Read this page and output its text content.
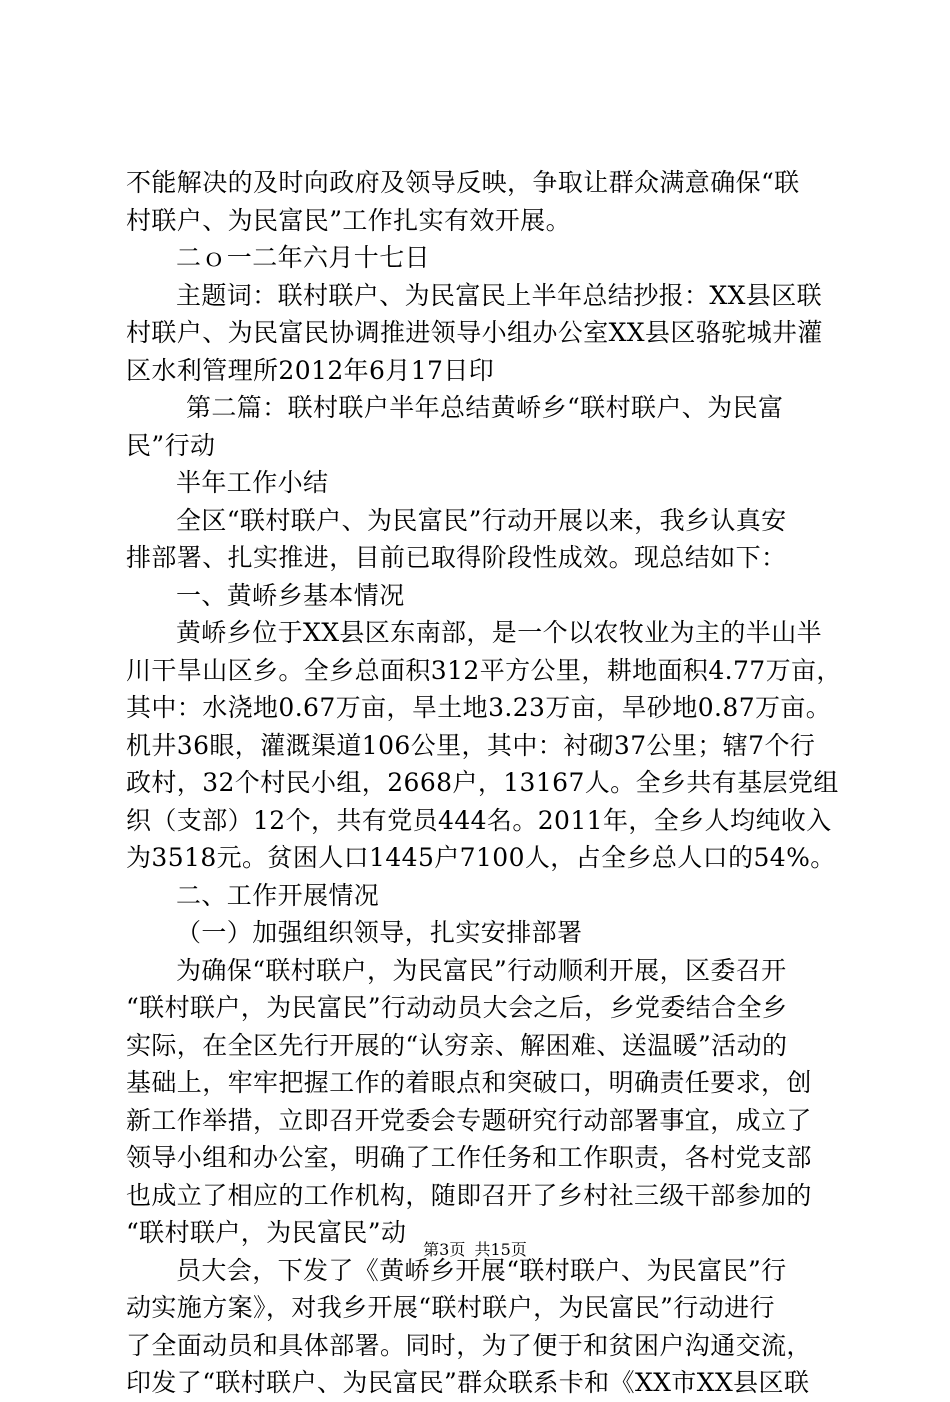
不能解决的及时向政府及领导反映，争取让群众满意确保“联
村联户、为民富民”工作扎实有效开展。
二ｏ一二年六月十七日
主题词：联村联户、为民富民上半年总结抄报：XX县区联
村联户、为民富民协调推进领导小组办公室XX县区骆驼城井灌
区水利管理所2012年6月17日印
第二篇：联村联户半年总结黄峤乡“联村联户、为民富
民”行动
半年工作小结
全区“联村联户、为民富民”行动开展以来，我乡认真安
排部署、扎实推进，目前已取得阶段性成效。现总结如下：
一、黄峤乡基本情况
黄峤乡位于XX县区东南部，是一个以农牧业为主的半山半
川干旱山区乡。全乡总面积312平方公里，耕地面积4.77万亩，
其中：水浇地0.67万亩，旱土地3.23万亩，旱砂地0.87万亩。
机井36眼，灌溉渠道106公里，其中：衬砌37公里；辖7个行
政村，32个村民小组，2668户，13167人。全乡共有基层党组
织（支部）12个，共有党员444名。2011年，全乡人均纯收入
为3518元。贫困人口1445户7100人，占全乡总人口的54%。
二、工作开展情况
（一）加强组织领导，扎实安排部署
为确保“联村联户，为民富民”行动顺利开展，区委召开
“联村联户，为民富民”行动动员大会之后，乡党委结合全乡
实际，在全区先行开展的“认穷亲、解困难、送温暖”活动的
基础上，牢牢把握工作的着眼点和突破口，明确责任要求，创
新工作举措，立即召开党委会专题研究行动部署事宜，成立了
领导小组和办公室，明确了工作任务和工作职责，各村党支部
也成立了相应的工作机构，随即召开了乡村社三级干部参加的
“联村联户，为民富民”动
员大会，下发了《黄峤乡开展“联村联户、为民富民”行
动实施方案》，对我乡开展“联村联户，为民富民”行动进行
了全面动员和具体部署。同时，为了便于和贫困户沟通交流，
印发了“联村联户、为民富民”群众联系卡和《XX市XX县区联
第3页 共15页
